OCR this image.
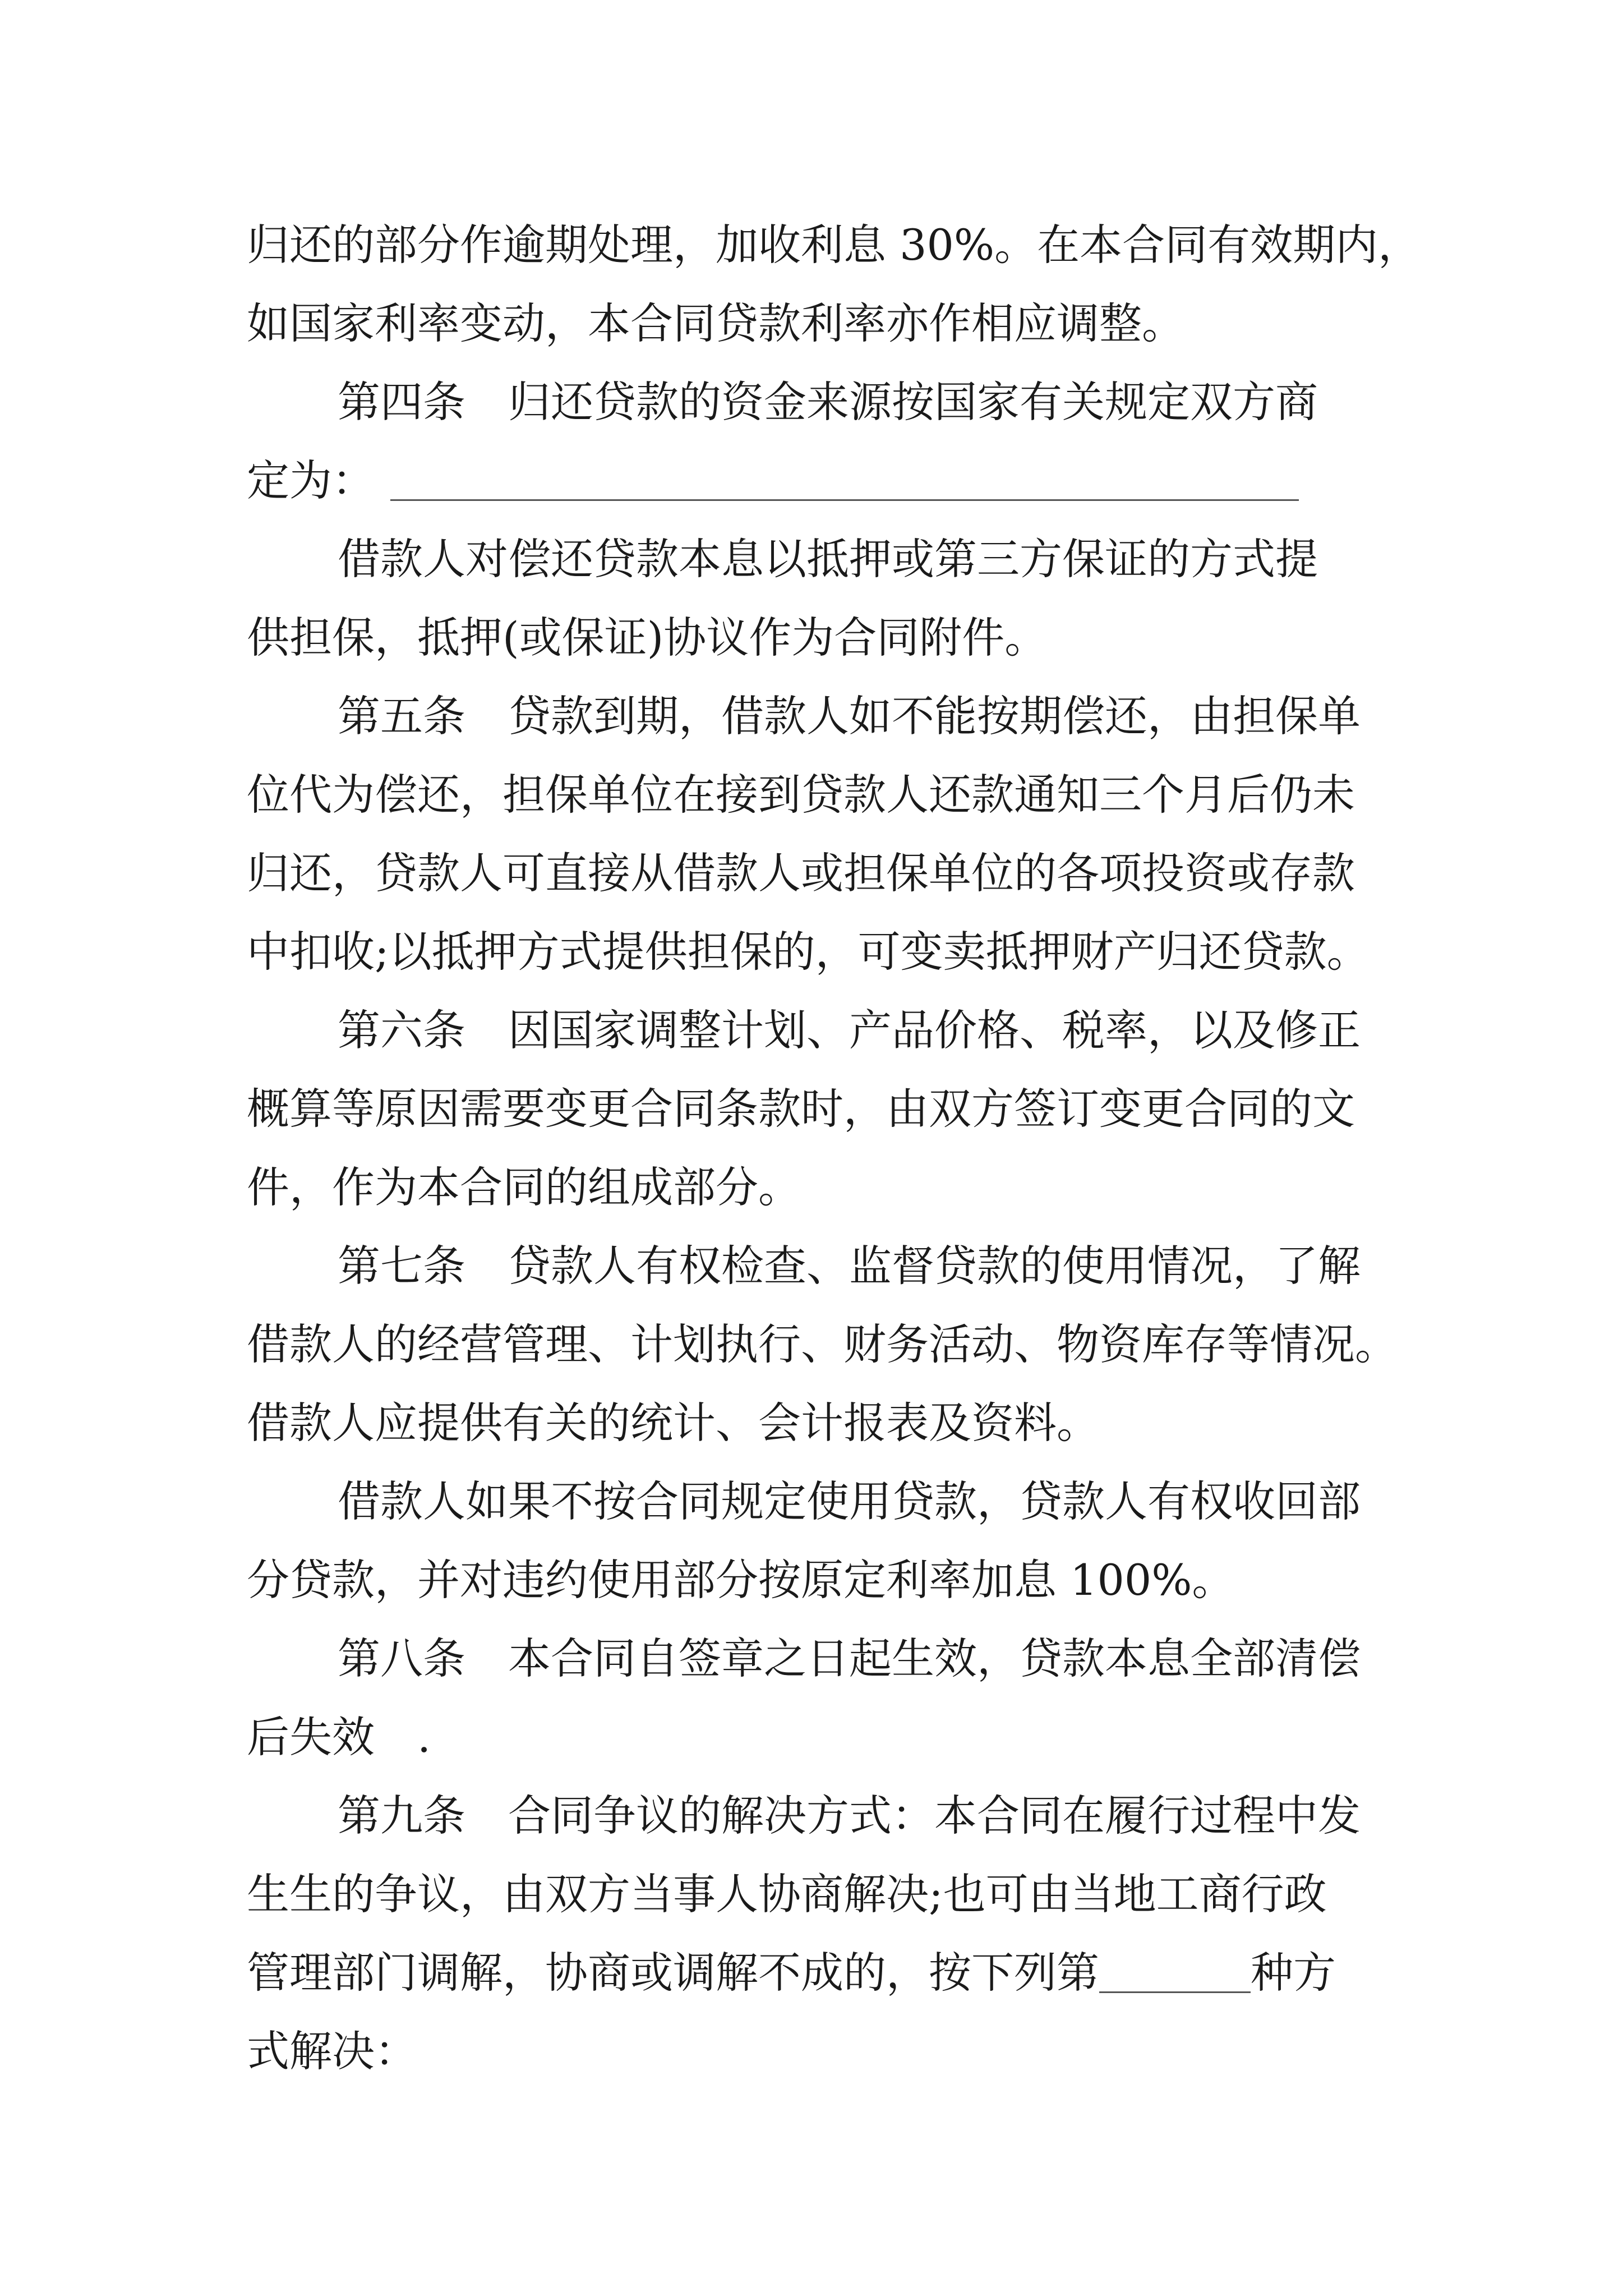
归还的部分作逾期处理，加收利息 30%。在本合同有效期内，

如国家利率变动，本合同贷款利率亦作相应调整。

第四条　归还贷款的资金来源按国家有关规定双方商

定为：

借款人对偿还贷款本息以抵押或第三方保证的方式提

供担保，抵押(或保证)协议作为合同附件。

第五条　贷款到期，借款人如不能按期偿还，由担保单

位代为偿还，担保单位在接到贷款人还款通知三个月后仍未

归还，贷款人可直接从借款人或担保单位的各项投资或存款

中扣收;以抵押方式提供担保的，可变卖抵押财产归还贷款。

第六条　因国家调整计划、产品价格、税率，以及修正

概算等原因需要变更合同条款时，由双方签订变更合同的文

件，作为本合同的组成部分。

第七条　贷款人有权检查、监督贷款的使用情况，了解

借款人的经营管理、计划执行、财务活动、物资库存等情况。

借款人应提供有关的统计、会计报表及资料。

借款人如果不按合同规定使用贷款，贷款人有权收回部

分贷款，并对违约使用部分按原定利率加息 100%。

第八条　本合同自签章之日起生效，贷款本息全部清偿

后失效　.

第九条　合同争议的解决方式：本合同在履行过程中发

生生的争议，由双方当事人协商解决;也可由当地工商行政

管理部门调解，协商或调解不成的，按下列第	种方

式解决：
